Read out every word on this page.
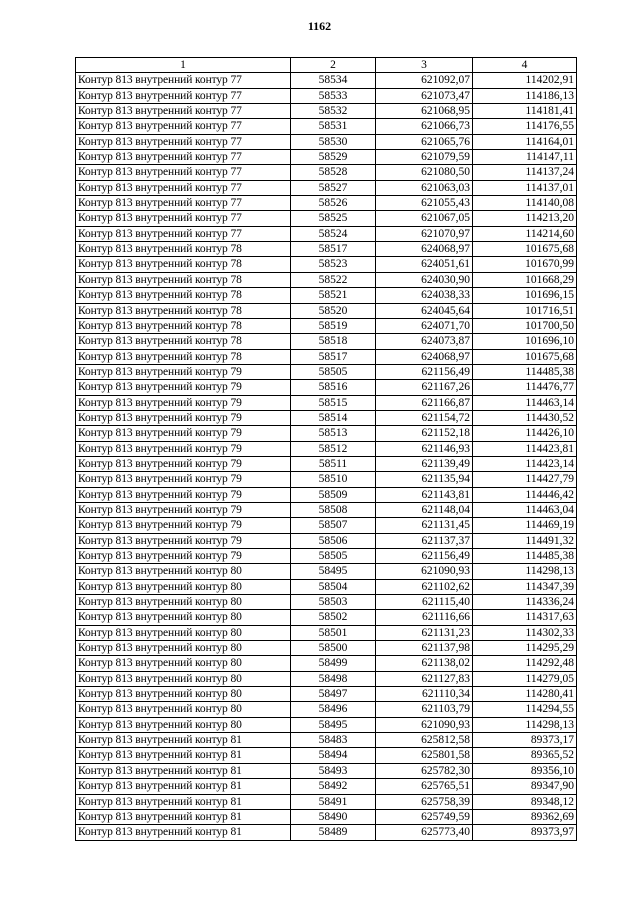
1162
1	2	3	4
Контур 813 внутренний контур 77	58534	621092,07	114202,91
Контур 813 внутренний контур 77	58533	621073,47	114186,13
Контур 813 внутренний контур 77	58532	621068,95	114181,41
Контур 813 внутренний контур 77	58531	621066,73	114176,55
Контур 813 внутренний контур 77	58530	621065,76	114164,01
Контур 813 внутренний контур 77	58529	621079,59	114147,11
Контур 813 внутренний контур 77	58528	621080,50	114137,24
Контур 813 внутренний контур 77	58527	621063,03	114137,01
Контур 813 внутренний контур 77	58526	621055,43	114140,08
Контур 813 внутренний контур 77	58525	621067,05	114213,20
Контур 813 внутренний контур 77	58524	621070,97	114214,60
Контур 813 внутренний контур 78	58517	624068,97	101675,68
Контур 813 внутренний контур 78	58523	624051,61	101670,99
Контур 813 внутренний контур 78	58522	624030,90	101668,29
Контур 813 внутренний контур 78	58521	624038,33	101696,15
Контур 813 внутренний контур 78	58520	624045,64	101716,51
Контур 813 внутренний контур 78	58519	624071,70	101700,50
Контур 813 внутренний контур 78	58518	624073,87	101696,10
Контур 813 внутренний контур 78	58517	624068,97	101675,68
Контур 813 внутренний контур 79	58505	621156,49	114485,38
Контур 813 внутренний контур 79	58516	621167,26	114476,77
Контур 813 внутренний контур 79	58515	621166,87	114463,14
Контур 813 внутренний контур 79	58514	621154,72	114430,52
Контур 813 внутренний контур 79	58513	621152,18	114426,10
Контур 813 внутренний контур 79	58512	621146,93	114423,81
Контур 813 внутренний контур 79	58511	621139,49	114423,14
Контур 813 внутренний контур 79	58510	621135,94	114427,79
Контур 813 внутренний контур 79	58509	621143,81	114446,42
Контур 813 внутренний контур 79	58508	621148,04	114463,04
Контур 813 внутренний контур 79	58507	621131,45	114469,19
Контур 813 внутренний контур 79	58506	621137,37	114491,32
Контур 813 внутренний контур 79	58505	621156,49	114485,38
Контур 813 внутренний контур 80	58495	621090,93	114298,13
Контур 813 внутренний контур 80	58504	621102,62	114347,39
Контур 813 внутренний контур 80	58503	621115,40	114336,24
Контур 813 внутренний контур 80	58502	621116,66	114317,63
Контур 813 внутренний контур 80	58501	621131,23	114302,33
Контур 813 внутренний контур 80	58500	621137,98	114295,29
Контур 813 внутренний контур 80	58499	621138,02	114292,48
Контур 813 внутренний контур 80	58498	621127,83	114279,05
Контур 813 внутренний контур 80	58497	621110,34	114280,41
Контур 813 внутренний контур 80	58496	621103,79	114294,55
Контур 813 внутренний контур 80	58495	621090,93	114298,13
Контур 813 внутренний контур 81	58483	625812,58	89373,17
Контур 813 внутренний контур 81	58494	625801,58	89365,52
Контур 813 внутренний контур 81	58493	625782,30	89356,10
Контур 813 внутренний контур 81	58492	625765,51	89347,90
Контур 813 внутренний контур 81	58491	625758,39	89348,12
Контур 813 внутренний контур 81	58490	625749,59	89362,69
Контур 813 внутренний контур 81	58489	625773,40	89373,97
